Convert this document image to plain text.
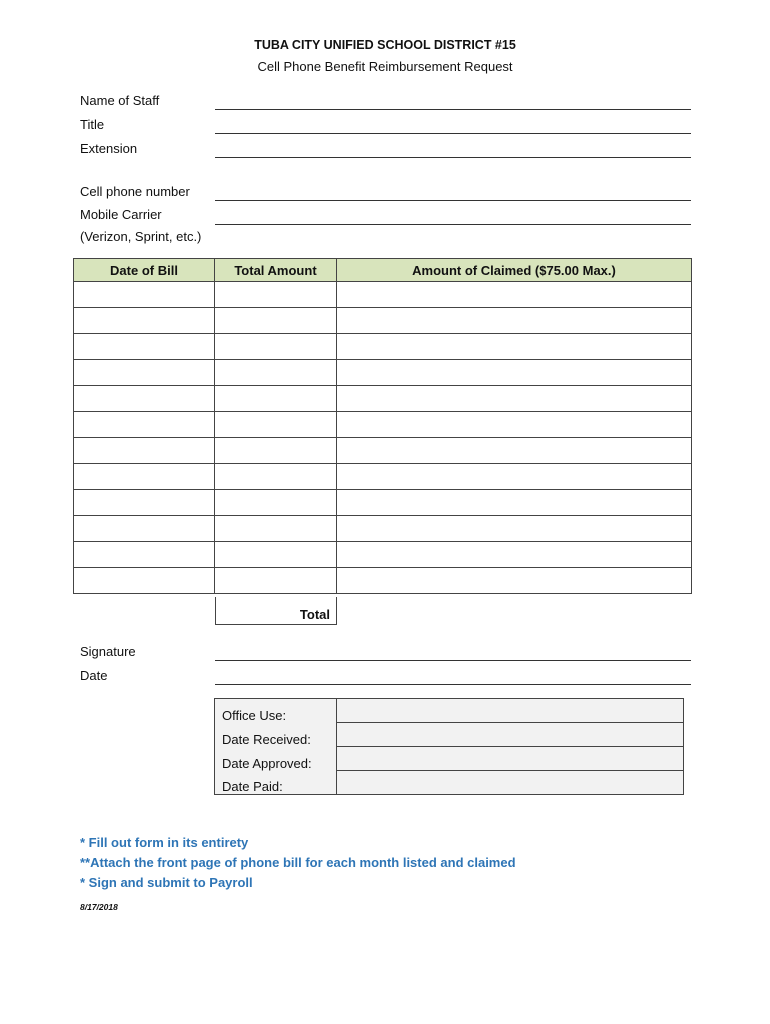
TUBA CITY UNIFIED SCHOOL DISTRICT #15
Cell Phone Benefit Reimbursement Request
Name of Staff
Title
Extension
Cell phone number
Mobile Carrier
(Verizon, Sprint, etc.)
Date of Bill	Total Amount	Amount of Claimed ($75.00 Max.)

Total
Signature
Date
Office Use:	
Date Received:	
Date Approved:	
Date Paid:	
* Fill out form in its entirety
**Attach the front page of phone bill for each month listed and claimed
* Sign and submit to Payroll
8/17/2018
